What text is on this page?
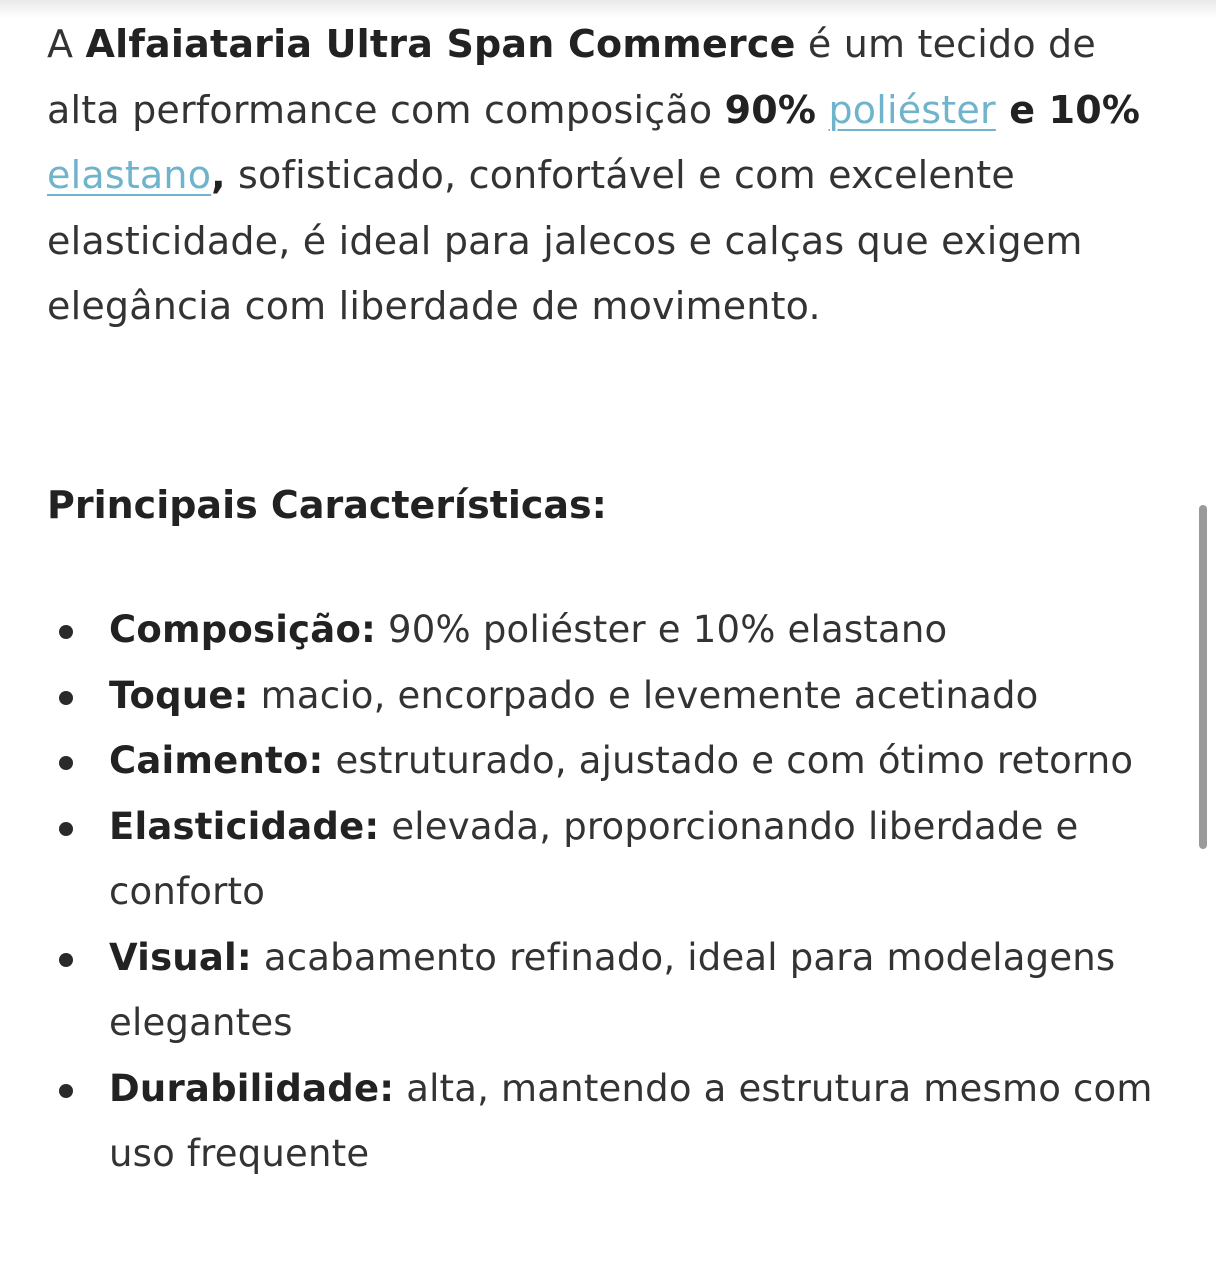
A Alfaiataria Ultra Span Commerce é um tecido de alta performance com composição 90% poliéster e 10% elastano, sofisticado, confortável e com excelente elasticidade, é ideal para jalecos e calças que exigem elegância com liberdade de movimento.

Principais Características:
Composição: 90% poliéster e 10% elastano
Toque: macio, encorpado e levemente acetinado
Caimento: estruturado, ajustado e com ótimo retorno
Elasticidade: elevada, proporcionando liberdade e conforto
Visual: acabamento refinado, ideal para modelagens elegantes
Durabilidade: alta, mantendo a estrutura mesmo com uso frequente
